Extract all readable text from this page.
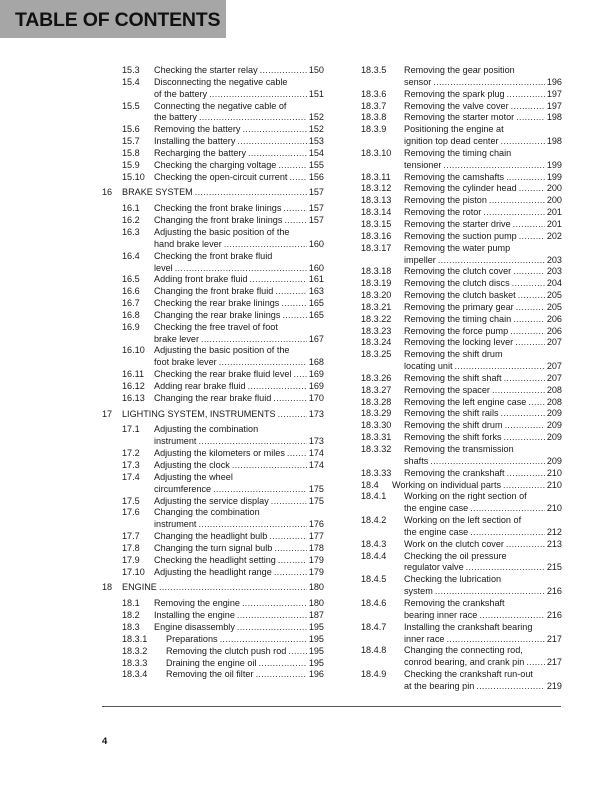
TABLE OF CONTENTS
15.3 Checking the starter relay .....	150
15.4 Disconnecting the negative cable
of the battery .....	151
15.5 Connecting the negative cable of
the battery .....	152
15.6 Removing the battery .....	152
15.7 Installing the battery .....	153
15.8 Recharging the battery .....	154
15.9 Checking the charging voltage .....	155
15.10 Checking the open-circuit current ..... 156
16 BRAKE SYSTEM .....	157
16.1 Checking the front brake linings .....	157
16.2 Changing the front brake linings .....	157
16.3 Adjusting the basic position of the
hand brake lever .....	160
16.4 Checking the front brake fluid
level .....	160
16.5 Adding front brake fluid .....	161
16.6 Changing the front brake fluid .....	163
16.7 Checking the rear brake linings .....	165
16.8 Changing the rear brake linings .....	165
16.9 Checking the free travel of foot
brake lever .....	167
16.10 Adjusting the basic position of the
foot brake lever .....	168
16.11 Checking the rear brake fluid level ..... 169
16.12 Adding rear brake fluid .....	169
16.13 Changing the rear brake fluid .....	170
17 LIGHTING SYSTEM, INSTRUMENTS .....	173
17.1 Adjusting the combination
instrument .....	173
17.2 Adjusting the kilometers or miles .....	174
17.3 Adjusting the clock .....	174
17.4 Adjusting the wheel
circumference .....	175
17.5 Adjusting the service display .....	175
17.6 Changing the combination
instrument .....	176
17.7 Changing the headlight bulb .....	177
17.8 Changing the turn signal bulb .....	178
17.9 Checking the headlight setting .....	179
17.10 Adjusting the headlight range .....	179
18 ENGINE .....	180
18.1 Removing the engine .....	180
18.2 Installing the engine .....	187
18.3 Engine disassembly .....	195
18.3.1 Preparations .....	195
18.3.2 Removing the clutch push rod ..... 195
18.3.3 Draining the engine oil .....	195
18.3.4 Removing the oil filter .....	196
18.3.5 Removing the gear position
sensor .....	196
18.3.6 Removing the spark plug .....	197
18.3.7 Removing the valve cover .....	197
18.3.8 Removing the starter motor .....	198
18.3.9 Positioning the engine at
ignition top dead center .....	198
18.3.10 Removing the timing chain
tensioner .....	199
18.3.11 Removing the camshafts .....	199
18.3.12 Removing the cylinder head .....	200
18.3.13 Removing the piston .....	200
18.3.14 Removing the rotor .....	201
18.3.15 Removing the starter drive .....	201
18.3.16 Removing the suction pump .....	202
18.3.17 Removing the water pump
impeller .....	203
18.3.18 Removing the clutch cover .....	203
18.3.19 Removing the clutch discs .....	204
18.3.20 Removing the clutch basket .....	205
18.3.21 Removing the primary gear .....	205
18.3.22 Removing the timing chain .....	206
18.3.23 Removing the force pump .....	206
18.3.24 Removing the locking lever .....	207
18.3.25 Removing the shift drum
locating unit .....	207
18.3.26 Removing the shift shaft .....	207
18.3.27 Removing the spacer .....	208
18.3.28 Removing the left engine case ..... 208
18.3.29 Removing the shift rails .....	209
18.3.30 Removing the shift drum .....	209
18.3.31 Removing the shift forks .....	209
18.3.32 Removing the transmission
shafts .....	209
18.3.33 Removing the crankshaft .....	210
18.4 Working on individual parts .....	210
18.4.1 Working on the right section of
the engine case .....	210
18.4.2 Working on the left section of
the engine case .....	212
18.4.3 Work on the clutch cover .....	213
18.4.4 Checking the oil pressure
regulator valve .....	215
18.4.5 Checking the lubrication
system .....	216
18.4.6 Removing the crankshaft
bearing inner race .....	216
18.4.7 Installing the crankshaft bearing
inner race .....	217
18.4.8 Changing the connecting rod,
conrod bearing, and crank pin ..... 217
18.4.9 Checking the crankshaft run-out
at the bearing pin .....	219
4
